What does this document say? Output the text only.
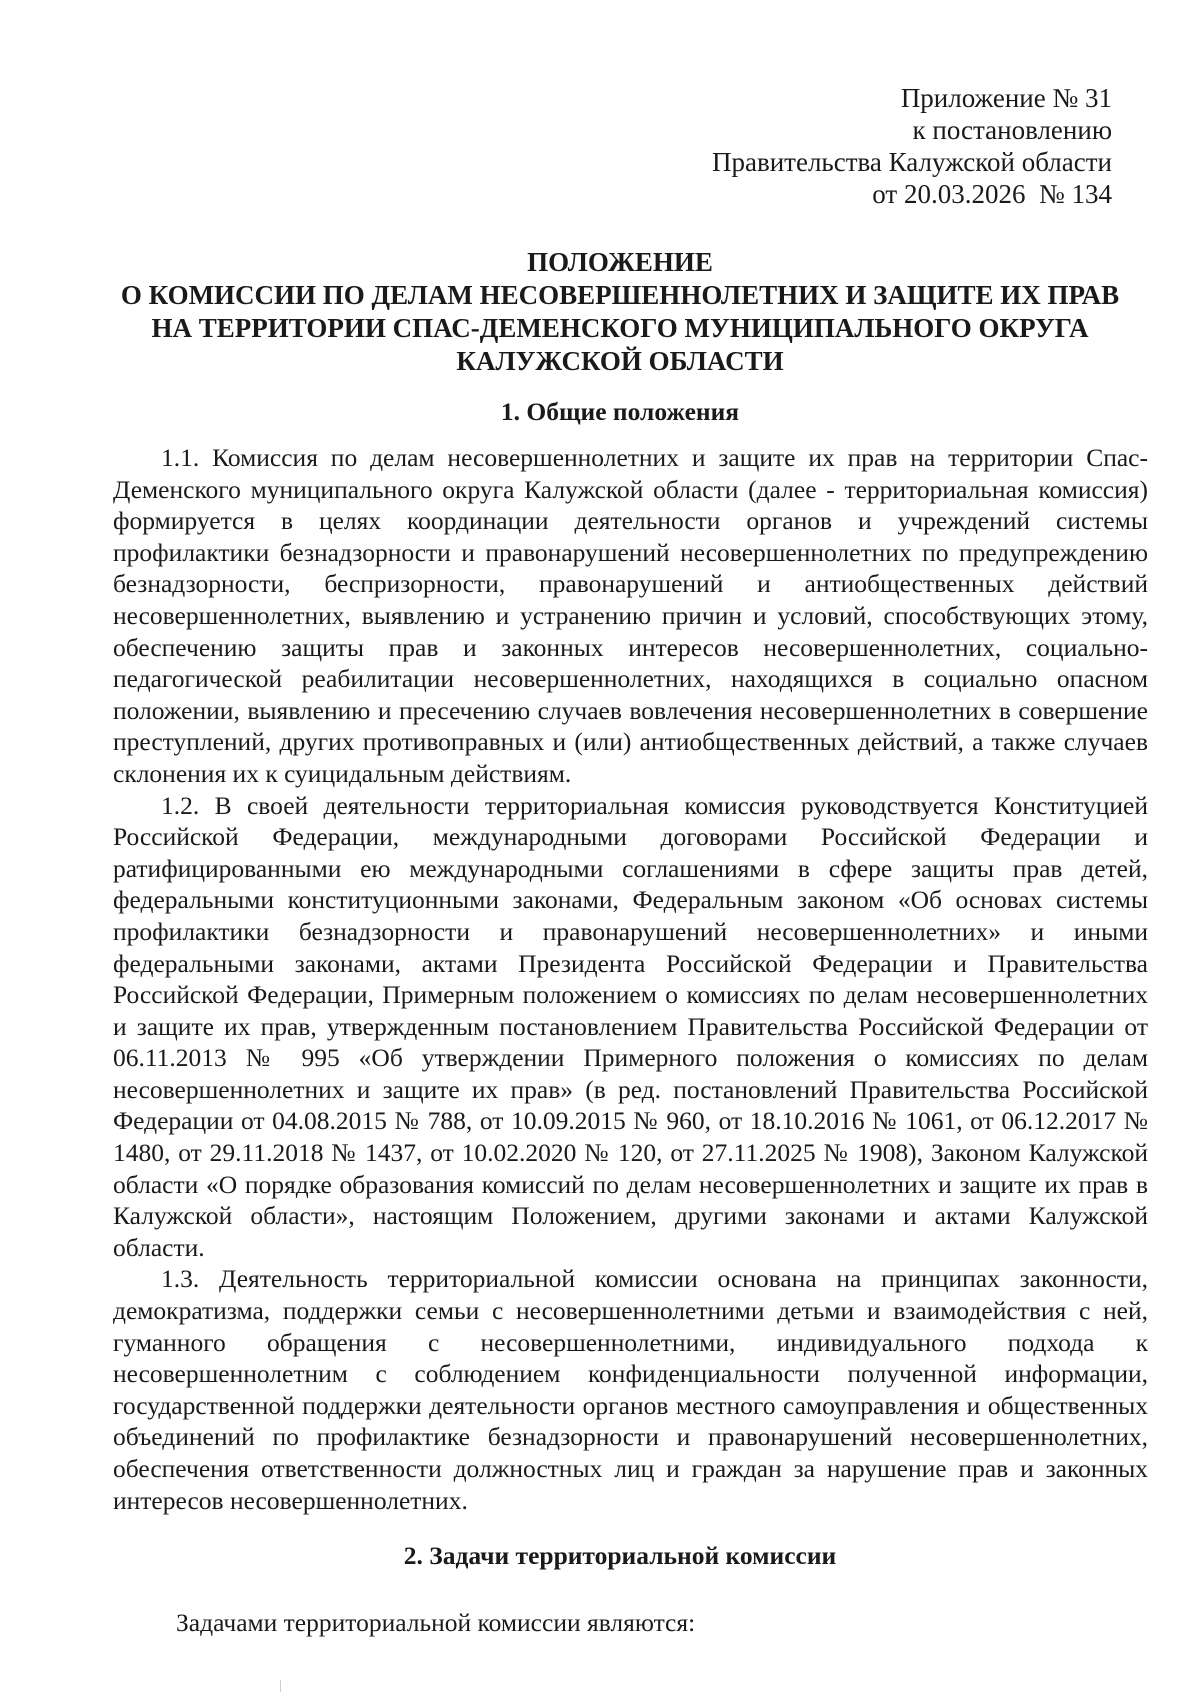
Приложение № 31
к постановлению
Правительства Калужской области
от 20.03.2026  № 134
ПОЛОЖЕНИЕ
О КОМИССИИ ПО ДЕЛАМ НЕСОВЕРШЕННОЛЕТНИХ И ЗАЩИТЕ ИХ ПРАВ
НА ТЕРРИТОРИИ СПАС-ДЕМЕНСКОГО МУНИЦИПАЛЬНОГО ОКРУГА
КАЛУЖСКОЙ ОБЛАСТИ
1. Общие положения

1.1. Комиссия по делам несовершеннолетних и защите их прав на территории Спас-Деменского муниципального округа Калужской области (далее - территориальная комиссия) формируется в целях координации деятельности органов и учреждений системы профилактики безнадзорности и правонарушений несовершеннолетних по предупреждению безнадзорности, беспризорности, правонарушений и антиобщественных действий несовершеннолетних, выявлению и устранению причин и условий, способствующих этому, обеспечению защиты прав и законных интересов несовершеннолетних, социально-педагогической реабилитации несовершеннолетних, находящихся в социально опасном положении, выявлению и пресечению случаев вовлечения несовершеннолетних в совершение преступлений, других противоправных и (или) антиобщественных действий, а также случаев склонения их к суицидальным действиям.

1.2. В своей деятельности территориальная комиссия руководствуется Конституцией Российской Федерации, международными договорами Российской Федерации и ратифицированными ею международными соглашениями в сфере защиты прав детей, федеральными конституционными законами, Федеральным законом «Об основах системы профилактики безнадзорности и правонарушений несовершеннолетних» и иными федеральными законами, актами Президента Российской Федерации и Правительства Российской Федерации, Примерным положением о комиссиях по делам несовершеннолетних и защите их прав, утвержденным постановлением Правительства Российской Федерации от 06.11.2013 № 995 «Об утверждении Примерного положения о комиссиях по делам несовершеннолетних и защите их прав» (в ред. постановлений Правительства Российской Федерации от 04.08.2015 № 788, от 10.09.2015 № 960, от 18.10.2016 № 1061, от 06.12.2017 № 1480, от 29.11.2018 № 1437, от 10.02.2020 № 120, от 27.11.2025 № 1908), Законом Калужской области «О порядке образования комиссий по делам несовершеннолетних и защите их прав в Калужской области», настоящим Положением, другими законами и актами Калужской области.

1.3. Деятельность территориальной комиссии основана на принципах законности, демократизма, поддержки семьи с несовершеннолетними детьми и взаимодействия с ней, гуманного обращения с несовершеннолетними, индивидуального подхода к несовершеннолетним с соблюдением конфиденциальности полученной информации, государственной поддержки деятельности органов местного самоуправления и общественных объединений по профилактике безнадзорности и правонарушений несовершеннолетних, обеспечения ответственности должностных лиц и граждан за нарушение прав и законных интересов несовершеннолетних.

2. Задачи территориальной комиссии
Задачами территориальной комиссии являются:
